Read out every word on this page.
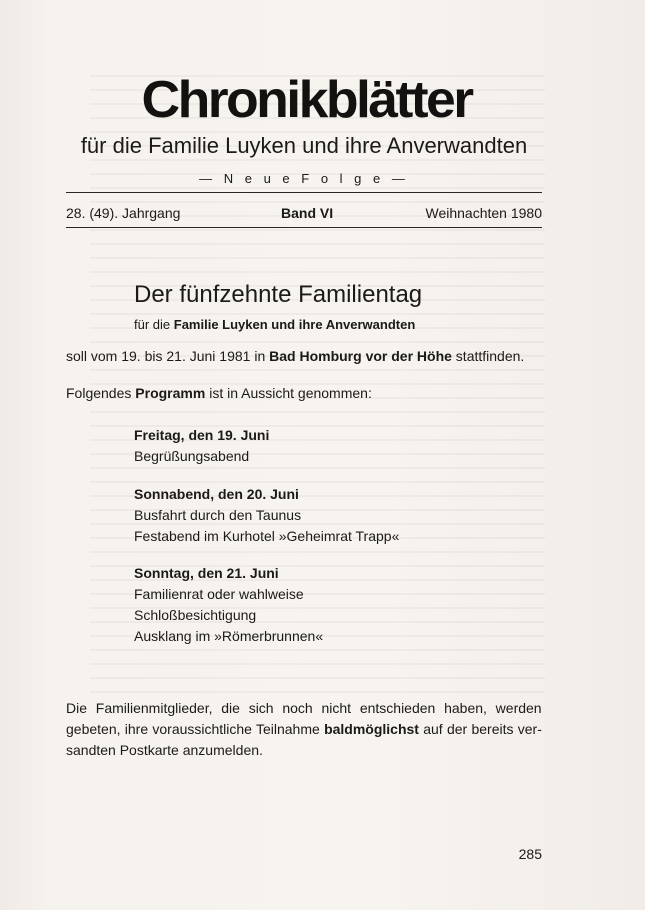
Chronikblätter
für die Familie Luyken und ihre Anverwandten
— N e u e F o l g e —
28. (49). Jahrgang	Band VI	Weihnachten 1980
Der fünfzehnte Familientag
für die Familie Luyken und ihre Anverwandten
soll vom 19. bis 21. Juni 1981 in Bad Homburg vor der Höhe stattfinden.
Folgendes Programm ist in Aussicht genommen:
Freitag, den 19. Juni
Begrüßungsabend
Sonnabend, den 20. Juni
Busfahrt durch den Taunus
Festabend im Kurhotel »Geheimrat Trapp«
Sonntag, den 21. Juni
Familienrat oder wahlweise
Schloßbesichtigung
Ausklang im »Römerbrunnen«
Die Familienmitglieder, die sich noch nicht entschieden haben, werden
gebeten, ihre voraussichtliche Teilnahme baldmöglichst auf der bereits ver-
sandten Postkarte anzumelden.
285
